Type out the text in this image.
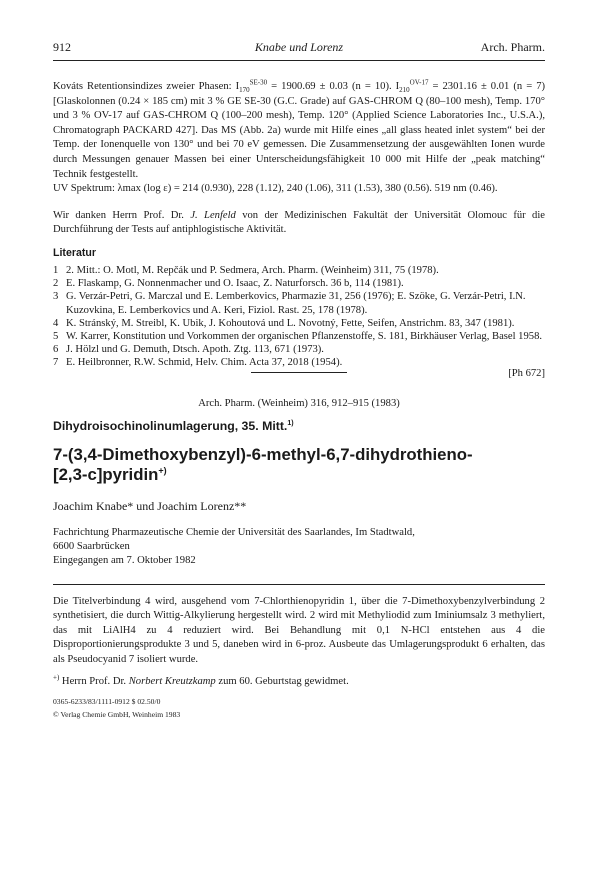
912	Knabe und Lorenz	Arch. Pharm.

Kováts Retentionsindizes zweier Phasen: $I_{170}^{SE-30} = 1900.69 \pm 0.03$ (n = 10). $I_{210}^{OV-17} = 2301.16 \pm 0.01$ (n = 7) [Glaskolonnen (0.24 × 185 cm) mit 3 % GE SE-30 (G.C. Grade) auf GAS-CHROM Q (80–100 mesh), Temp. 170° und 3 % OV-17 auf GAS-CHROM Q (100–200 mesh), Temp. 120° (Applied Science Laboratories Inc., U.S.A.), Chromatograph PACKARD 427]. Das MS (Abb. 2a) wurde mit Hilfe eines „all glass heated inlet system“ bei der Temp. der Ionenquelle von 130° und bei 70 eV gemessen. Die Zusammensetzung der ausgewählten Ionen wurde durch Messungen genauer Massen bei einer Unterscheidungsfähigkeit 10 000 mit Hilfe der „peak matching“ Technik festgestellt.

UV Spektrum: λmax (log ε) = 214 (0.930), 228 (1.12), 240 (1.06), 311 (1.53), 380 (0.56). 519 nm (0.46).

Wir danken Herrn Prof. Dr. J. Lenfeld von der Medizinischen Fakultät der Universität Olomouc für die Durchführung der Tests auf antiphlogistische Aktivität.

Literatur
1 2. Mitt.: O. Motl, M. Repčák und P. Sedmera, Arch. Pharm. (Weinheim) 311, 75 (1978).
2 E. Flaskamp, G. Nonnenmacher und O. Isaac, Z. Naturforsch. 36 b, 114 (1981).
3 G. Verzár-Petri, G. Marczal und E. Lemberkovics, Pharmazie 31, 256 (1976); E. Szöke, G. Verzár-Petri, I.N. Kuzovkina, E. Lemberkovics und A. Keri, Fiziol. Rast. 25, 178 (1978).
4 K. Stránský, M. Streibl, K. Ubik, J. Kohoutová und L. Novotný, Fette, Seifen, Anstrichm. 83, 347 (1981).
5 W. Karrer, Konstitution und Vorkommen der organischen Pflanzenstoffe, S. 181, Birkhäuser Verlag, Basel 1958.
6 J. Hölzl und G. Demuth, Dtsch. Apoth. Ztg. 113, 671 (1973).
7 E. Heilbronner, R.W. Schmid, Helv. Chim. Acta 37, 2018 (1954).
[Ph 672]
Arch. Pharm. (Weinheim) 316, 912–915 (1983)
Dihydroisochinolinumlagerung, 35. Mitt.$^{1)}$
7-(3,4-Dimethoxybenzyl)-6-methyl-6,7-dihydrothieno-
[2,3-c]pyridin+)
Joachim Knabe* und Joachim Lorenz**
Fachrichtung Pharmazeutische Chemie der Universität des Saarlandes, Im Stadtwald,
6600 Saarbrücken
Eingegangen am 7. Oktober 1982

Die Titelverbindung 4 wird, ausgehend vom 7-Chlorthienopyridin 1, über die 7-Dimethoxybenzylverbindung 2 synthetisiert, die durch Wittig-Alkylierung hergestellt wird. 2 wird mit Methyliodid zum Iminiumsalz 3 methyliert, das mit LiAlH4 zu 4 reduziert wird. Bei Behandlung mit 0,1 N-HCl entstehen aus 4 die Disproportionierungsprodukte 3 und 5, daneben wird in 6-proz. Ausbeute das Umlagerungsprodukt 6 erhalten, das als Pseudocyanid 7 isoliert wurde.

+) Herrn Prof. Dr. Norbert Kreutzkamp zum 60. Geburtstag gewidmet.
0365-6233/83/1111-0912 $ 02.50/0
© Verlag Chemie GmbH, Weinheim 1983
